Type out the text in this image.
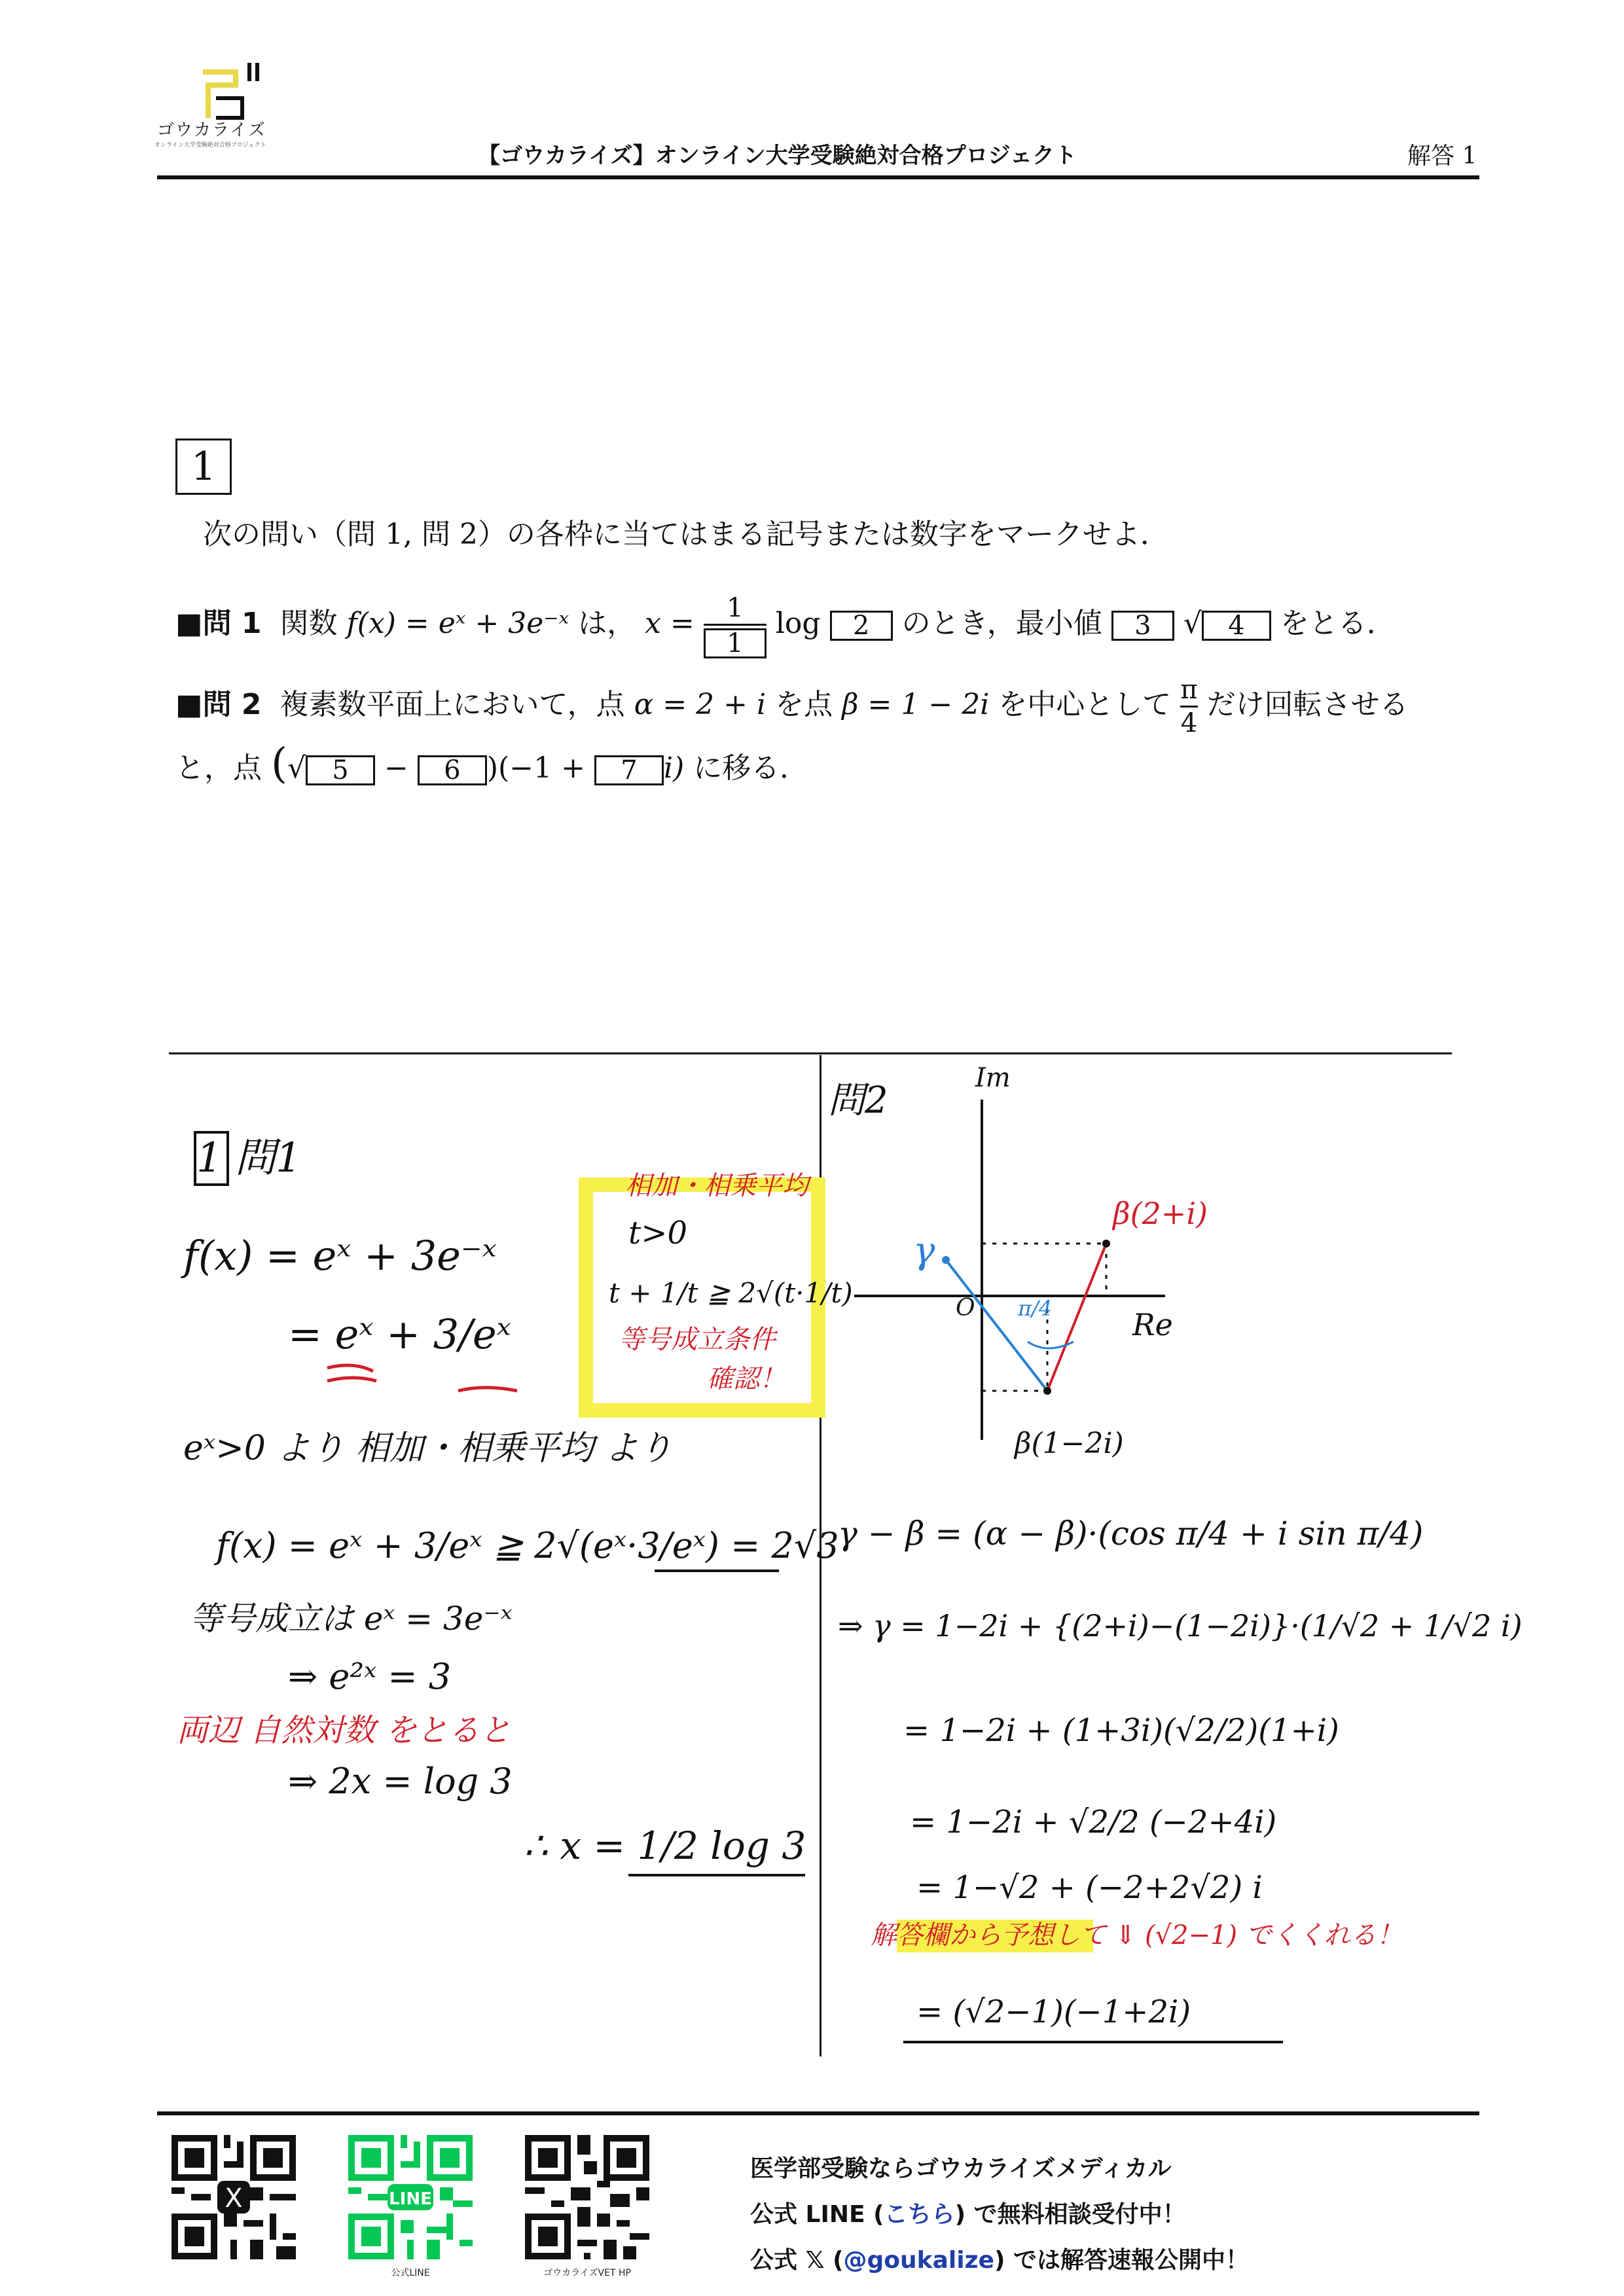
ゴウカライズ
オンライン大学受験絶対合格プロジェクト	【ゴウカライズ】オンライン大学受験絶対合格プロジェクト	解答 1
1
次の問い（問 1, 問 2）の各枠に当てはまる記号または数字をマークせよ．
■問 1 関数 f(x) = eˣ + 3e⁻ˣ は， $x = \frac{1}{1}$ log 2 のとき，最小値 3 √ 4 をとる．
■問 2 複素数平面上において，点 α = 2 + i を点 β = 1 − 2i を中心として $\frac{\pi}{4}$ だけ回転させる
と，点 (√ 5 − 6 )(−1 + 7 i) に移る．
1 問1
f(x) = eˣ + 3e⁻ˣ
= eˣ + 3/eˣ
eˣ>0 より 相加・相乗平均 より
f(x) = eˣ + 3/eˣ ≧ 2√(eˣ·3/eˣ) = 2√3
等号成立は eˣ = 3e⁻ˣ
⇒ e²ˣ = 3
両辺 自然対数 をとると
⇒ 2x = log 3
∴ x = 1/2 log 3
相加・相乗平均
t>0
t + 1/t ≧ 2√(t·1/t)
等号成立条件
確認！
問2
Im
Re
O π/4
γ
β(2+i)
β(1−2i)
γ − β = (α − β)·(cos π/4 + i sin π/4)
⇒ γ = 1−2i + {(2+i)−(1−2i)}·(1/√2 + 1/√2 i)
= 1−2i + (1+3i)(√2/2)(1+i)
= 1−2i + √2/2 (−2+4i)
= 1−√2 + (−2+2√2) i
解答欄から予想して ⇓ (√2−1) でくくれる！
= (√2−1)(−1+2i)
X	LINE
公式LINE	ゴウカライズVET HP
医学部受験ならゴウカライズメディカル
公式 LINE (こちら) で無料相談受付中！
公式 𝕏 (@goukalize) では解答速報公開中！
